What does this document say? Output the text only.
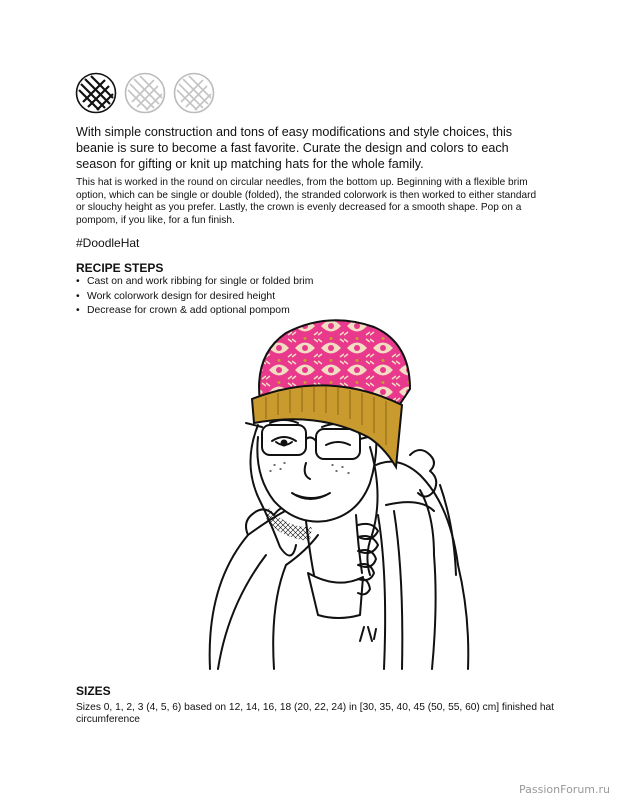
With simple construction and tons of easy modifications and style choices, this beanie is sure to become a fast favorite. Curate the design and colors to each season for gifting or knit up matching hats for the whole family.

This hat is worked in the round on circular needles, from the bottom up. Beginning with a flexible brim option, which can be single or double (folded), the stranded colorwork is then worked to either standard or slouchy height as you prefer. Lastly, the crown is evenly decreased for a smooth shape. Pop on a pompom, if you like, for a fun finish.

#DoodleHat

RECIPE STEPS
• Cast on and work ribbing for single or folded brim
• Work colorwork design for desired height
• Decrease for crown & add optional pompom
SIZES

Sizes 0, 1, 2, 3 (4, 5, 6) based on 12, 14, 16, 18 (20, 22, 24) in [30, 35, 40, 45 (50, 55, 60) cm] finished hat circumference

PassionForum.ru
